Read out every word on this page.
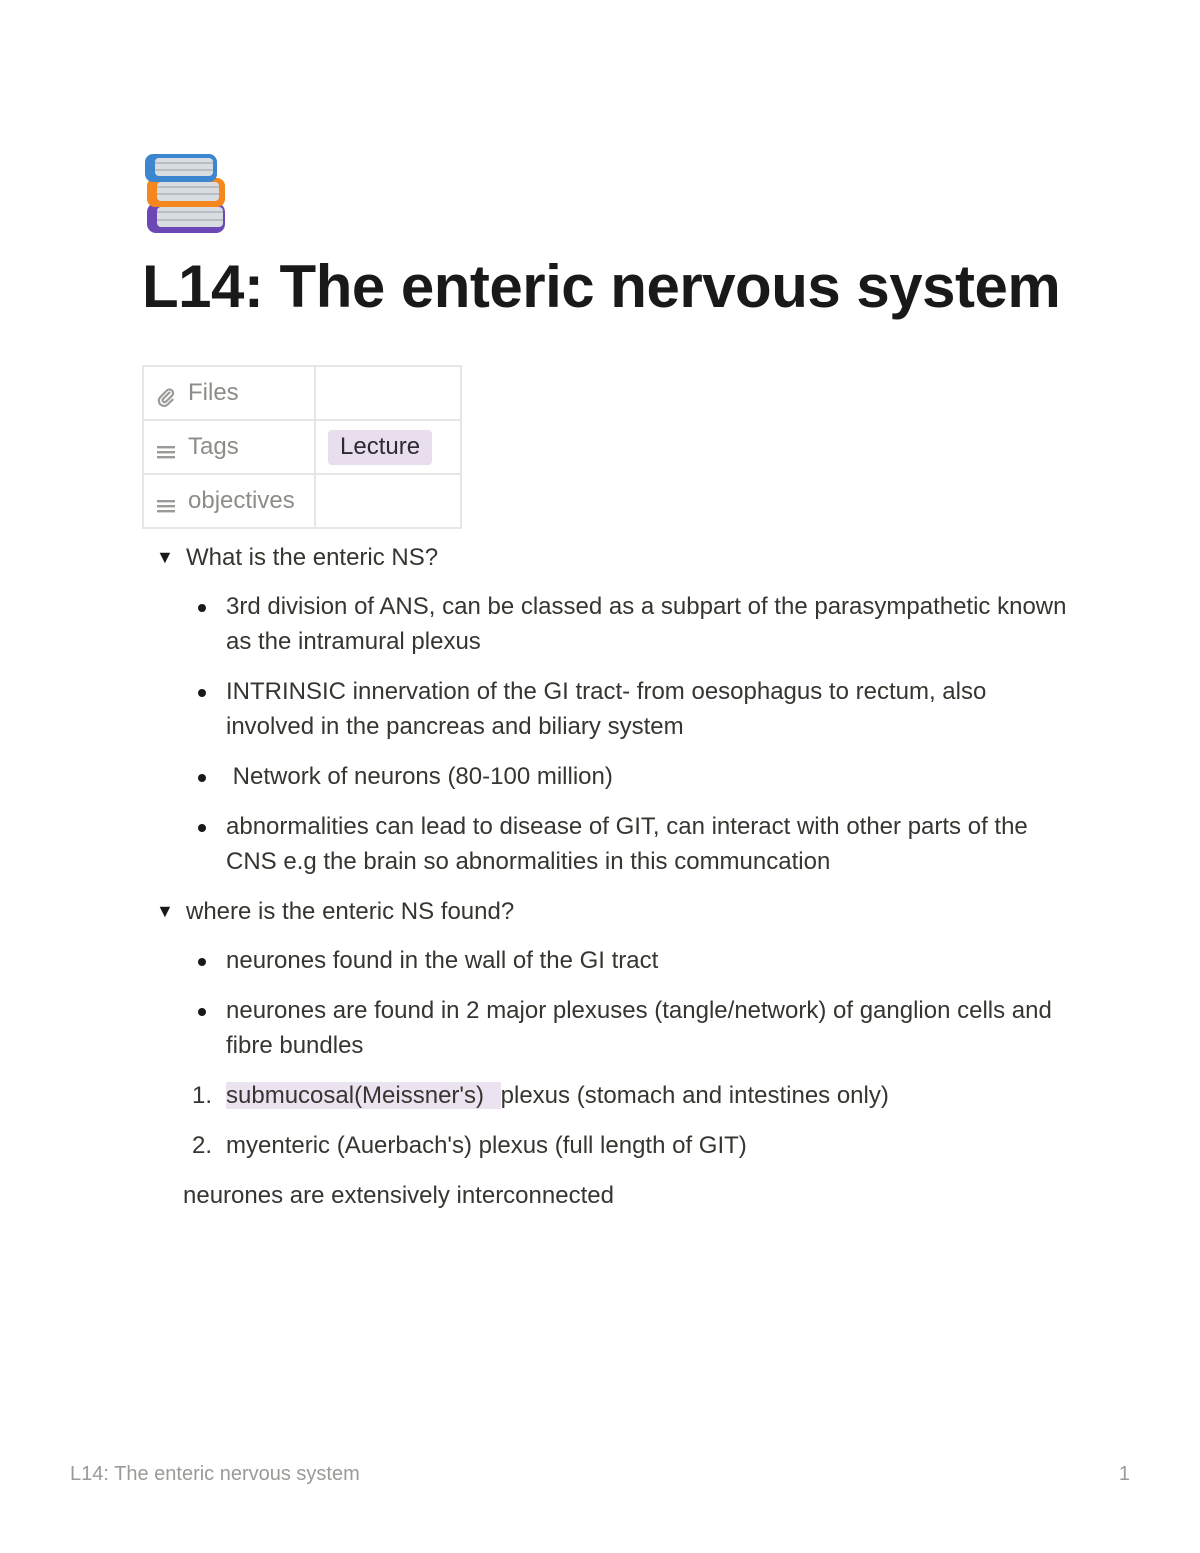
L14: The enteric nervous system
Files	

Tags	Lecture

objectives	

▼ What is the enteric NS?
3rd division of ANS, can be classed as a subpart of the parasympathetic known as the intramural plexus
INTRINSIC innervation of the GI tract- from oesophagus to rectum, also involved in the pancreas and biliary system
Network of neurons (80-100 million)
abnormalities can lead to disease of GIT, can interact with other parts of the CNS e.g the brain so abnormalities in this communcation
▼ where is the enteric NS found?
neurones found in the wall of the GI tract
neurones are found in 2 major plexuses (tangle/network) of ganglion cells and fibre bundles
1. submucosal(Meissner's) plexus (stomach and intestines only)
2. myenteric (Auerbach's) plexus (full length of GIT)

neurones are extensively interconnected

L14: The enteric nervous system	1
